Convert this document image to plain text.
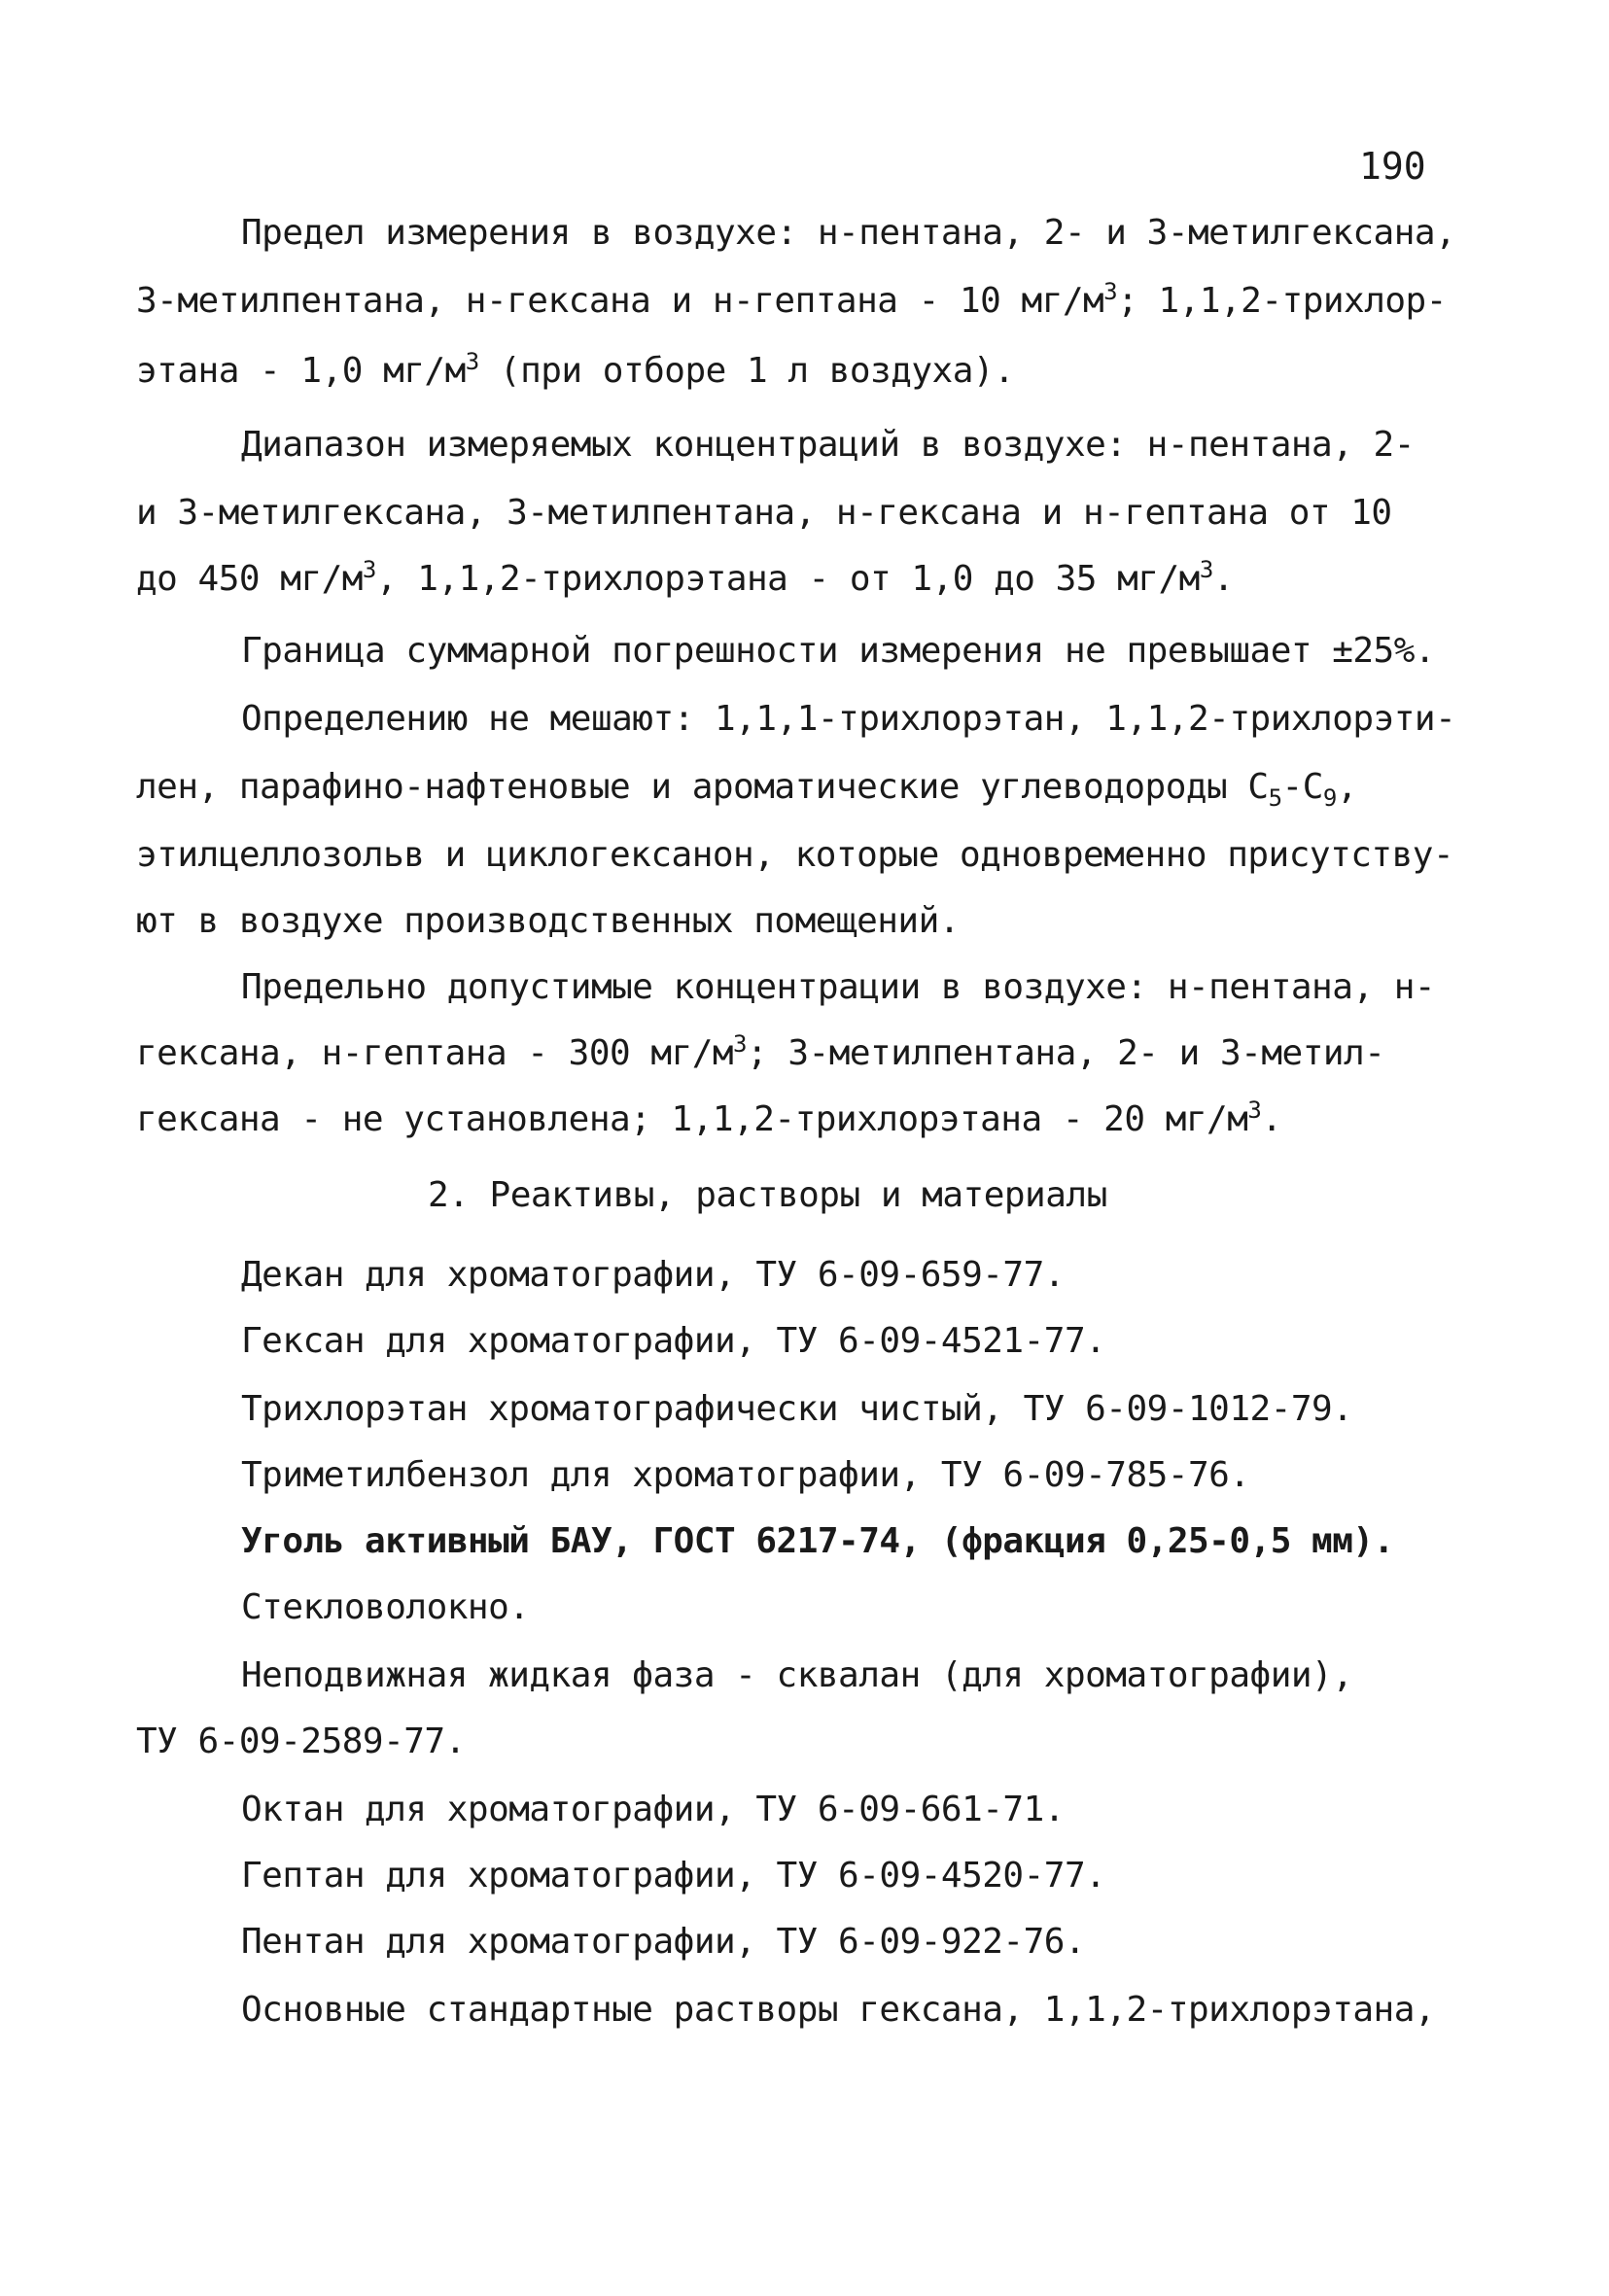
190
Предел измерения в воздухе: н-пентана, 2- и 3-метилгексана,
3-метилпентана, н-гексана и н-гептана - 10 $мг/м^3$; 1,1,2-трихлор-
этана - 1,0 $мг/м^3$ (при отборе 1 л воздуха).
Диапазон измеряемых концентраций в воздухе: н-пентана, 2-
и 3-метилгексана, 3-метилпентана, н-гексана и н-гептана от 10
до 450 $мг/м^3$, 1,1,2-трихлорэтана - от 1,0 до 35 $мг/м^3$.
Граница суммарной погрешности измерения не превышает ±25%.
Определению не мешают: 1,1,1-трихлорэтан, 1,1,2-трихлорэти-
лен, парафино-нафтеновые и ароматические углеводороды $C_5-C_9$,
этилцеллозольв и циклогексанон, которые одновременно присутству-
ют в воздухе производственных помещений.
Предельно допустимые концентрации в воздухе: н-пентана, н-
гексана, н-гептана - 300 $мг/м^3$; 3-метилпентана, 2- и 3-метил-
гексана - не установлена; 1,1,2-трихлорэтана - 20 $мг/м^3$.
2. Реактивы, растворы и материалы
Декан для хроматографии, ТУ 6-09-659-77.
Гексан для хроматографии, ТУ 6-09-4521-77.
Трихлорэтан хроматографически чистый, ТУ 6-09-1012-79.
Триметилбензол для хроматографии, ТУ 6-09-785-76.
Уголь активный БАУ, ГОСТ 6217-74, (фракция 0,25-0,5 мм).
Стекловолокно.
Неподвижная жидкая фаза - сквалан (для хроматографии),
ТУ 6-09-2589-77.
Октан для хроматографии, ТУ 6-09-661-71.
Гептан для хроматографии, ТУ 6-09-4520-77.
Пентан для хроматографии, ТУ 6-09-922-76.
Основные стандартные растворы гексана, 1,1,2-трихлорэтана,
